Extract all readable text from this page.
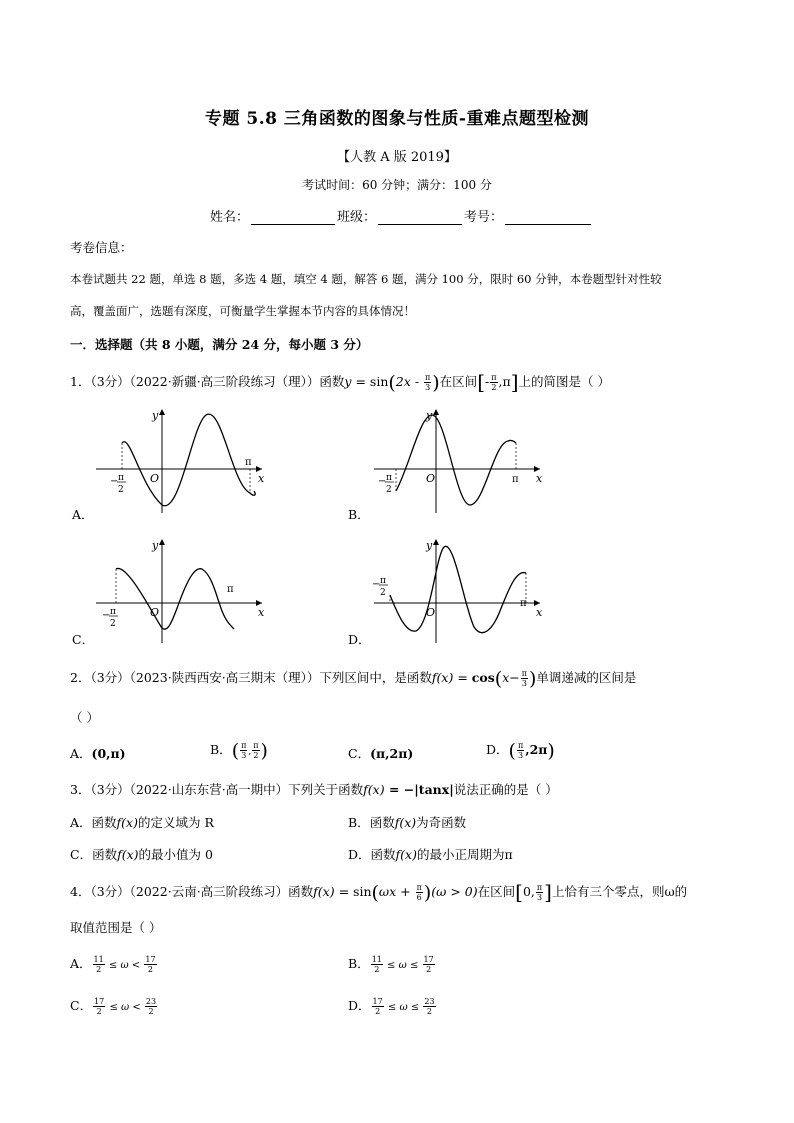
专题 5.8 三角函数的图象与性质-重难点题型检测
【人教 A 版 2019】
考试时间：60 分钟；满分：100 分
姓名：	班级：	考号：
考卷信息：
本卷试题共 22 题，单选 8 题，多选 4 题，填空 4 题，解答 6 题，满分 100 分，限时 60 分钟，本卷题型针对性较
高，覆盖面广，选题有深度，可衡量学生掌握本节内容的具体情况！
一．选择题（共 8 小题，满分 24 分，每小题 3 分）
1．（3分）（2022·新疆·高三阶段练习（理））函数$y = \sin(2x - \frac{\pi}{3}$ )在区间[- $\frac{\pi}{2} ,\pi$]上的简图是（ ）
y
x
O
π
− π
2
A．
y
x
O	π
− π
2
B．
y
x
O
π
− π
2
C．
y
x
O
π
− π
2
D．
2．（3分）（2023·陕西西安·高三期末（理））下列区间中，是函数$f(x) = \cos(x- \frac{\pi}{3}$ )单调递减的区间是
（ ）
A．(0,π)	B．( $\frac{\pi}{3}$ , $\frac{\pi}{2}$ )	C．(π,2π)	D．( $\frac{\pi}{3} ,2\pi$)
3．（3分）（2022·山东东营·高一期中）下列关于函数f(x) = −|tanx|说法正确的是（ ）
A．函数f(x)的定义域为 R	B．函数f(x)为奇函数
C．函数f(x)的最小值为 0	D．函数f(x)的最小正周期为π
4．（3分）（2022·云南·高三阶段练习）函数$f(x) = \sin(\omega x + \frac{\pi}{6} )(\omega > 0)$在区间[0, $\frac{\pi}{3}$ ]上恰有三个零点，则ω的
取值范围是（ ）
A． $\frac{11}{2} \le \omega < \frac{17}{2}$	B． $\frac{11}{2} \le \omega \le \frac{17}{2}$
C． $\frac{17}{2} \le \omega < \frac{23}{2}$	D． $\frac{17}{2} \le \omega \le \frac{23}{2}$
